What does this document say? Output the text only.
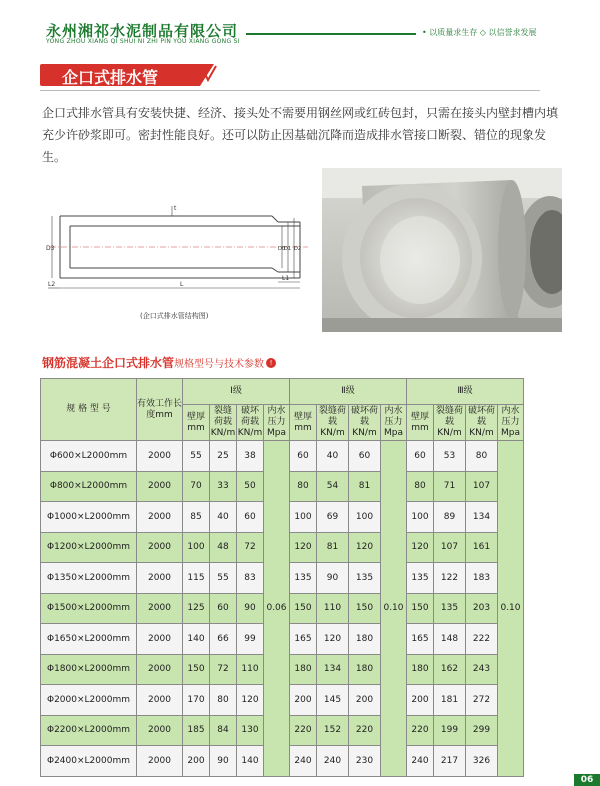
永州湘祁水泥制品有限公司
YONG ZHOU XIANG QI SHUI NI ZHI PIN YOU XIANG GONG SI
• 以质量求生存 ◇ 以信誉求发展
企口式排水管
企口式排水管具有安装快捷、经济、接头处不需要用钢丝网或红砖包封，只需在接头内壁封槽内填充少许砂浆即可。密封性能良好。还可以防止因基础沉降而造成排水管接口断裂、错位的现象发生。
D3	D0
D1 D2
L
L1
L2
t
(企口式排水管结构图)
钢筋混凝土企口式排水管规格型号与技术参数 !
规 格 型 号	有效工作长度mm	Ⅰ级				Ⅱ级				Ⅲ级			
		壁厚mm	裂缝荷载KN/m	破坏荷载KN/m	内水压力Mpa	壁厚mm	裂缝荷载KN/m	破坏荷载KN/m	内水压力Mpa	壁厚mm	裂缝荷载KN/m	破坏荷载KN/m	内水压力Mpa
Φ600×L2000mm	2000	55	25	38	0.06	60	40	60	0.10	60	53	80	0.10
Φ800×L2000mm	2000	70	33	50		80	54	81		80	71	107	
Φ1000×L2000mm	2000	85	40	60		100	69	100		100	89	134	
Φ1200×L2000mm	2000	100	48	72		120	81	120		120	107	161	
Φ1350×L2000mm	2000	115	55	83		135	90	135		135	122	183	
Φ1500×L2000mm	2000	125	60	90		150	110	150		150	135	203	
Φ1650×L2000mm	2000	140	66	99		165	120	180		165	148	222	
Φ1800×L2000mm	2000	150	72	110		180	134	180		180	162	243	
Φ2000×L2000mm	2000	170	80	120		200	145	200		200	181	272	
Φ2200×L2000mm	2000	185	84	130		220	152	220		220	199	299	
Φ2400×L2000mm	2000	200	90	140		240	240	230		240	217	326	
06
